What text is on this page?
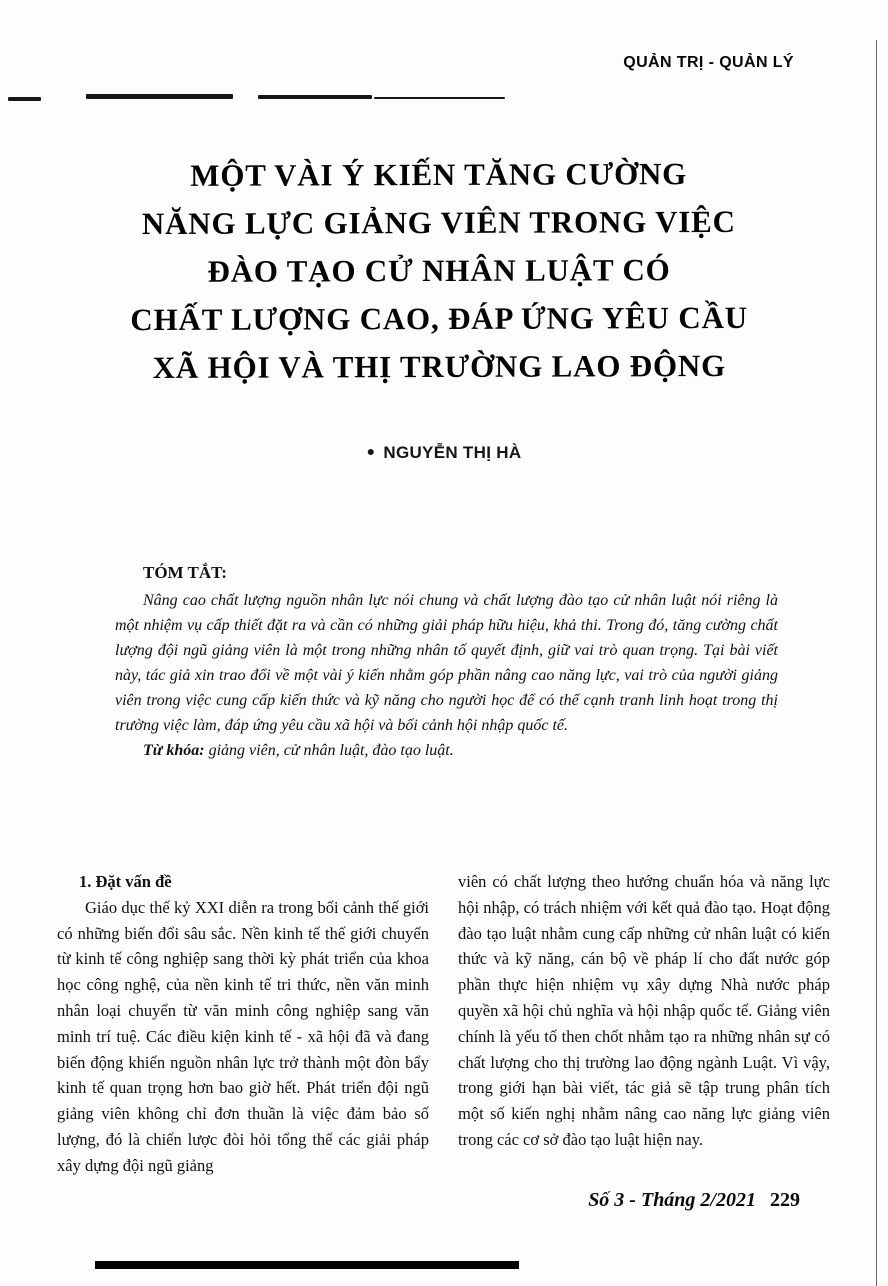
QUẢN TRỊ - QUẢN LÝ
MỘT VÀI Ý KIẾN TĂNG CƯỜNG
NĂNG LỰC GIẢNG VIÊN TRONG VIỆC
ĐÀO TẠO CỬ NHÂN LUẬT CÓ
CHẤT LƯỢNG CAO, ĐÁP ỨNG YÊU CẦU
XÃ HỘI VÀ THỊ TRƯỜNG LAO ĐỘNG
● NGUYỄN THỊ HÀ
TÓM TẮT:

Nâng cao chất lượng nguồn nhân lực nói chung và chất lượng đào tạo cử nhân luật nói riêng là một nhiệm vụ cấp thiết đặt ra và cần có những giải pháp hữu hiệu, khả thi. Trong đó, tăng cường chất lượng đội ngũ giảng viên là một trong những nhân tố quyết định, giữ vai trò quan trọng. Tại bài viết này, tác giả xin trao đổi về một vài ý kiến nhằm góp phần nâng cao năng lực, vai trò của người giảng viên trong việc cung cấp kiến thức và kỹ năng cho người học để có thể cạnh tranh linh hoạt trong thị trường việc làm, đáp ứng yêu cầu xã hội và bối cảnh hội nhập quốc tế.

Từ khóa: giảng viên, cử nhân luật, đào tạo luật.

1. Đặt vấn đề

Giáo dục thế kỷ XXI diễn ra trong bối cảnh thế giới có những biến đổi sâu sắc. Nền kinh tế thế giới chuyển từ kinh tế công nghiệp sang thời kỳ phát triển của khoa học công nghệ, của nền kinh tế tri thức, nền văn minh nhân loại chuyển từ văn minh công nghiệp sang văn minh trí tuệ. Các điều kiện kinh tế - xã hội đã và đang biến động khiến nguồn nhân lực trở thành một đòn bẩy kinh tế quan trọng hơn bao giờ hết. Phát triển đội ngũ giảng viên không chỉ đơn thuần là việc đảm bảo số lượng, đó là chiến lược đòi hỏi tổng thể các giải pháp xây dựng đội ngũ giảng

viên có chất lượng theo hướng chuẩn hóa và năng lực hội nhập, có trách nhiệm với kết quả đào tạo. Hoạt động đào tạo luật nhằm cung cấp những cử nhân luật có kiến thức và kỹ năng, cán bộ về pháp lí cho đất nước góp phần thực hiện nhiệm vụ xây dựng Nhà nước pháp quyền xã hội chủ nghĩa và hội nhập quốc tế. Giảng viên chính là yếu tố then chốt nhằm tạo ra những nhân sự có chất lượng cho thị trường lao động ngành Luật. Vì vậy, trong giới hạn bài viết, tác giả sẽ tập trung phân tích một số kiến nghị nhằm nâng cao năng lực giảng viên trong các cơ sở đào tạo luật hiện nay.

Số 3 - Tháng 2/2021 229
